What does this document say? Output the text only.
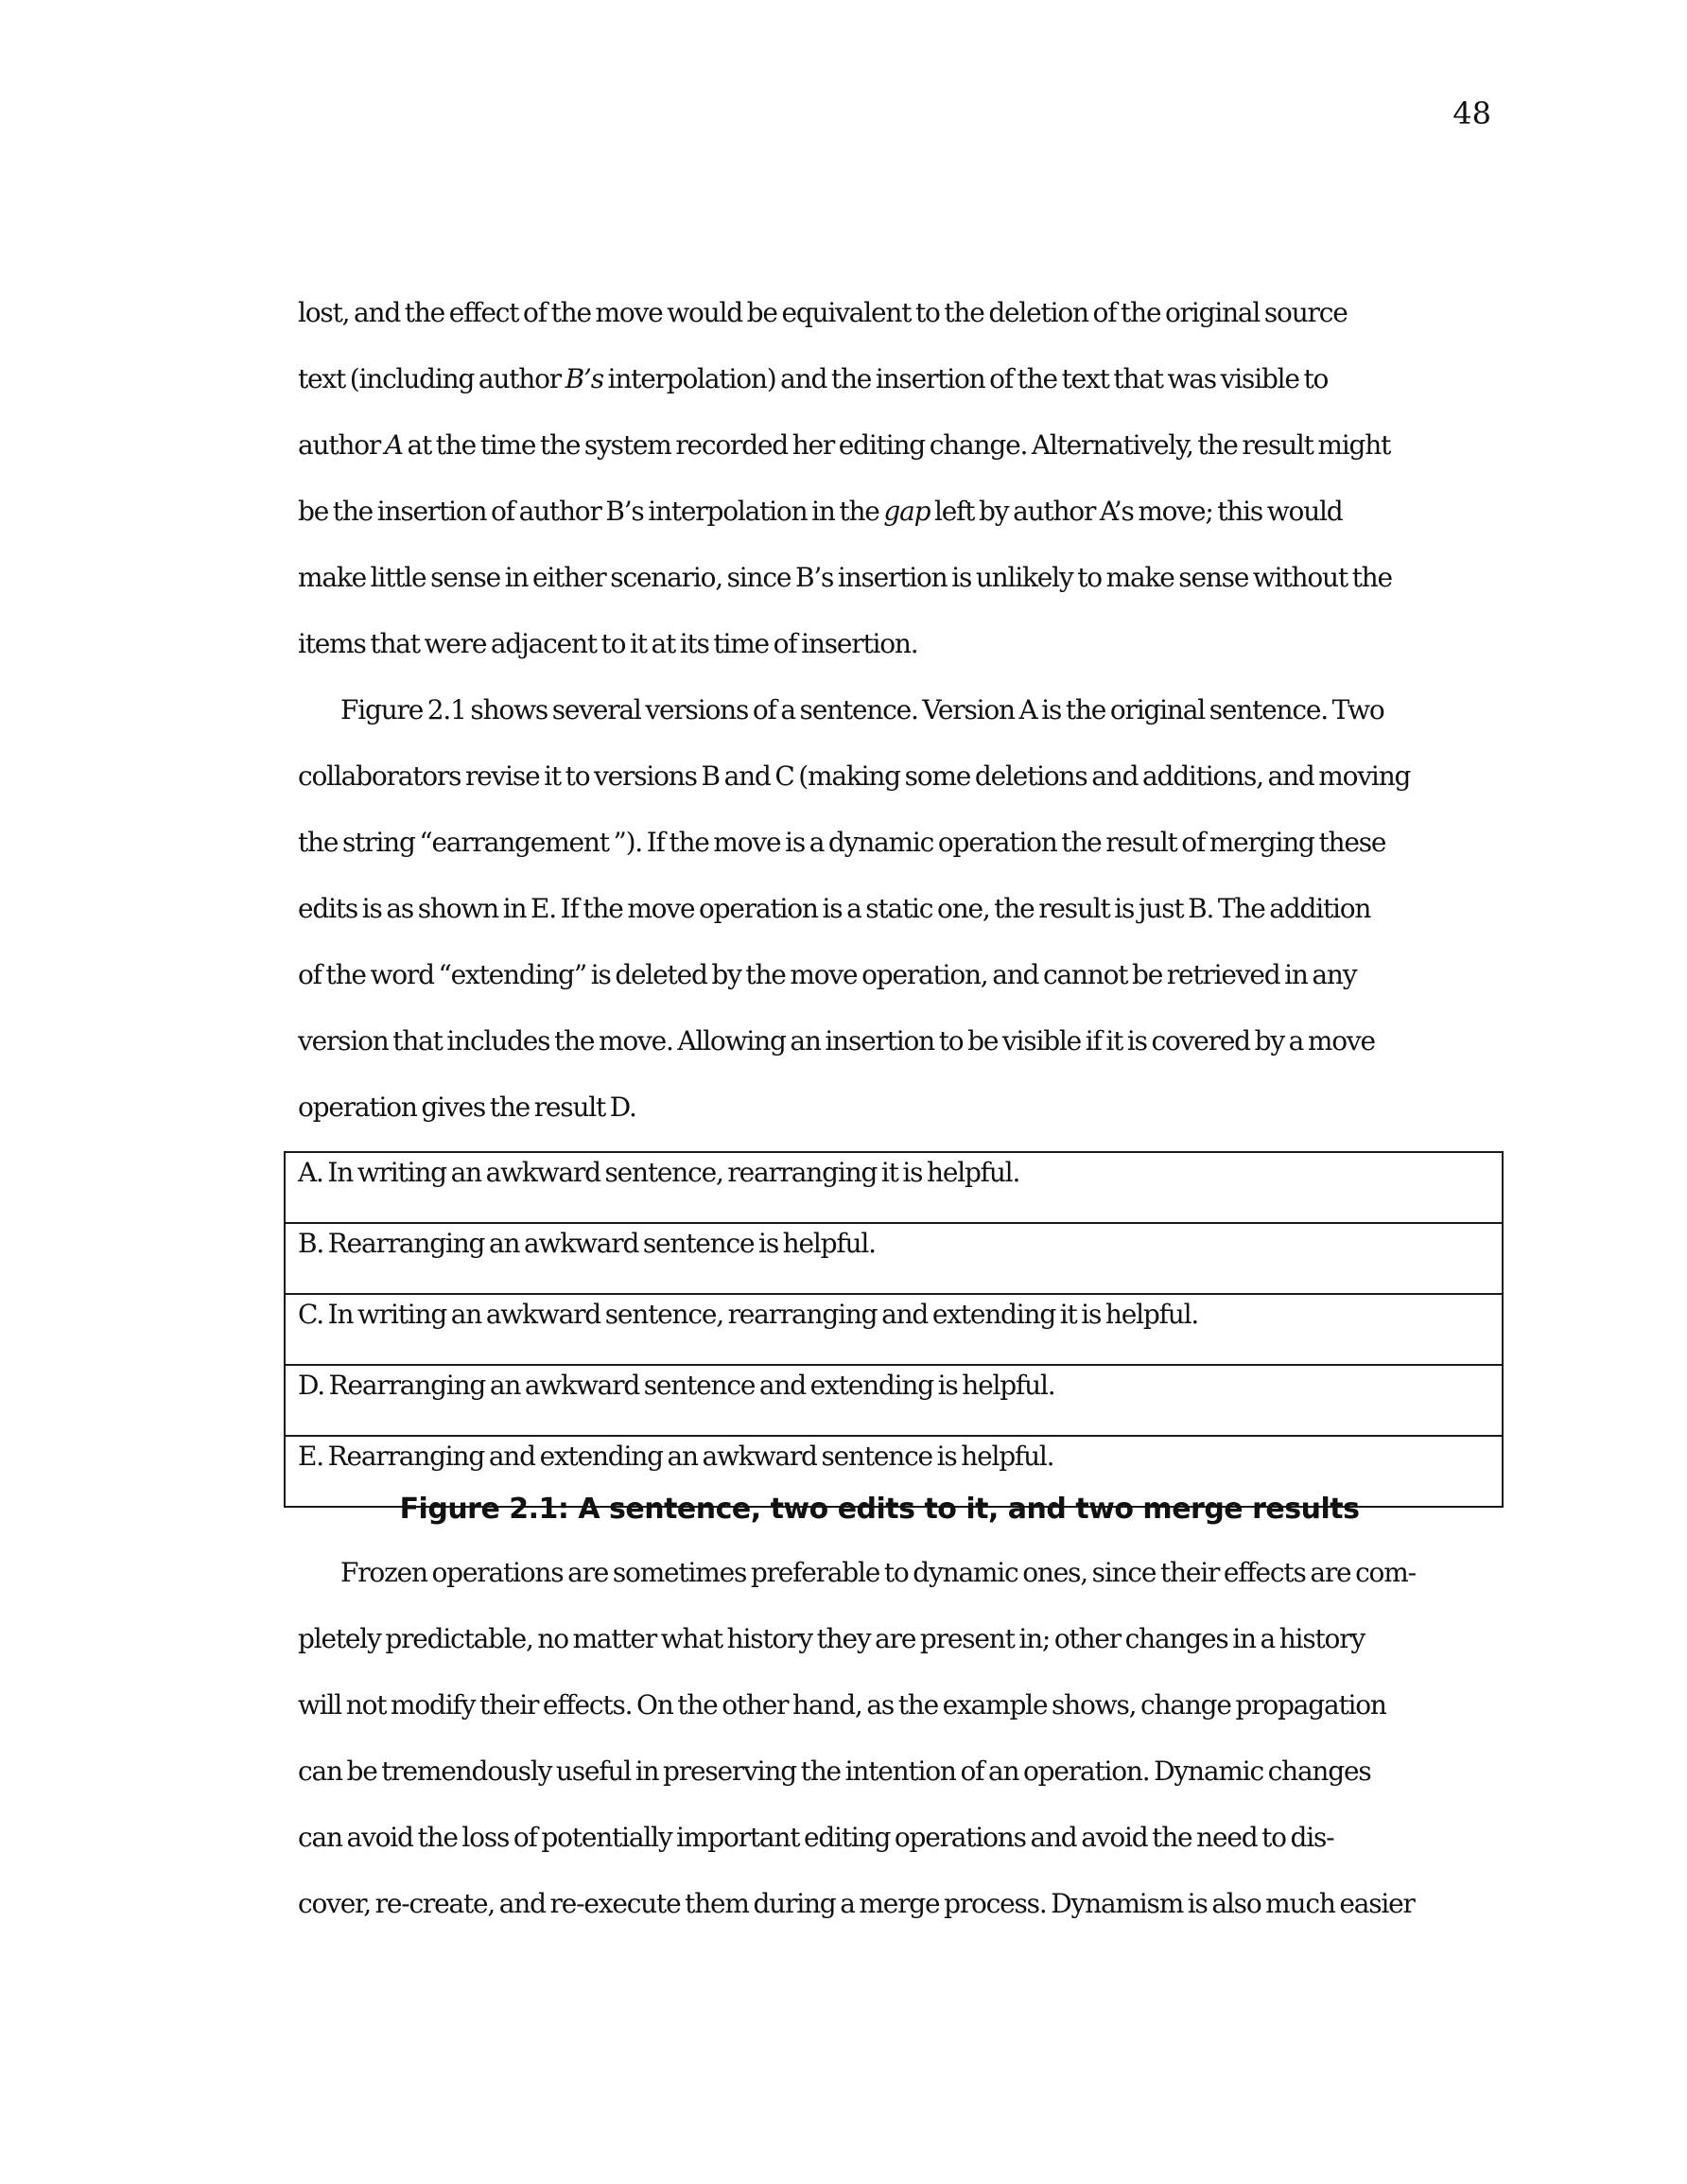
48
lost, and the effect of the move would be equivalent to the deletion of the original source
text (including author B’s interpolation) and the insertion of the text that was visible to
author A at the time the system recorded her editing change. Alternatively, the result might
be the insertion of author B’s interpolation in the gap left by author A’s move; this would
make little sense in either scenario, since B’s insertion is unlikely to make sense without the
items that were adjacent to it at its time of insertion.
Figure 2.1 shows several versions of a sentence. Version A is the original sentence. Two
collaborators revise it to versions B and C (making some deletions and additions, and moving
the string “earrangement ”). If the move is a dynamic operation the result of merging these
edits is as shown in E. If the move operation is a static one, the result is just B. The addition
of the word “extending” is deleted by the move operation, and cannot be retrieved in any
version that includes the move. Allowing an insertion to be visible if it is covered by a move
operation gives the result D.
A. In writing an awkward sentence, rearranging it is helpful.
B. Rearranging an awkward sentence is helpful.
C. In writing an awkward sentence, rearranging and extending it is helpful.
D. Rearranging an awkward sentence and extending is helpful.
E. Rearranging and extending an awkward sentence is helpful.
Figure 2.1: A sentence, two edits to it, and two merge results
Frozen operations are sometimes preferable to dynamic ones, since their effects are com-
pletely predictable, no matter what history they are present in; other changes in a history
will not modify their effects. On the other hand, as the example shows, change propagation
can be tremendously useful in preserving the intention of an operation. Dynamic changes
can avoid the loss of potentially important editing operations and avoid the need to dis-
cover, re-create, and re-execute them during a merge process. Dynamism is also much easier
